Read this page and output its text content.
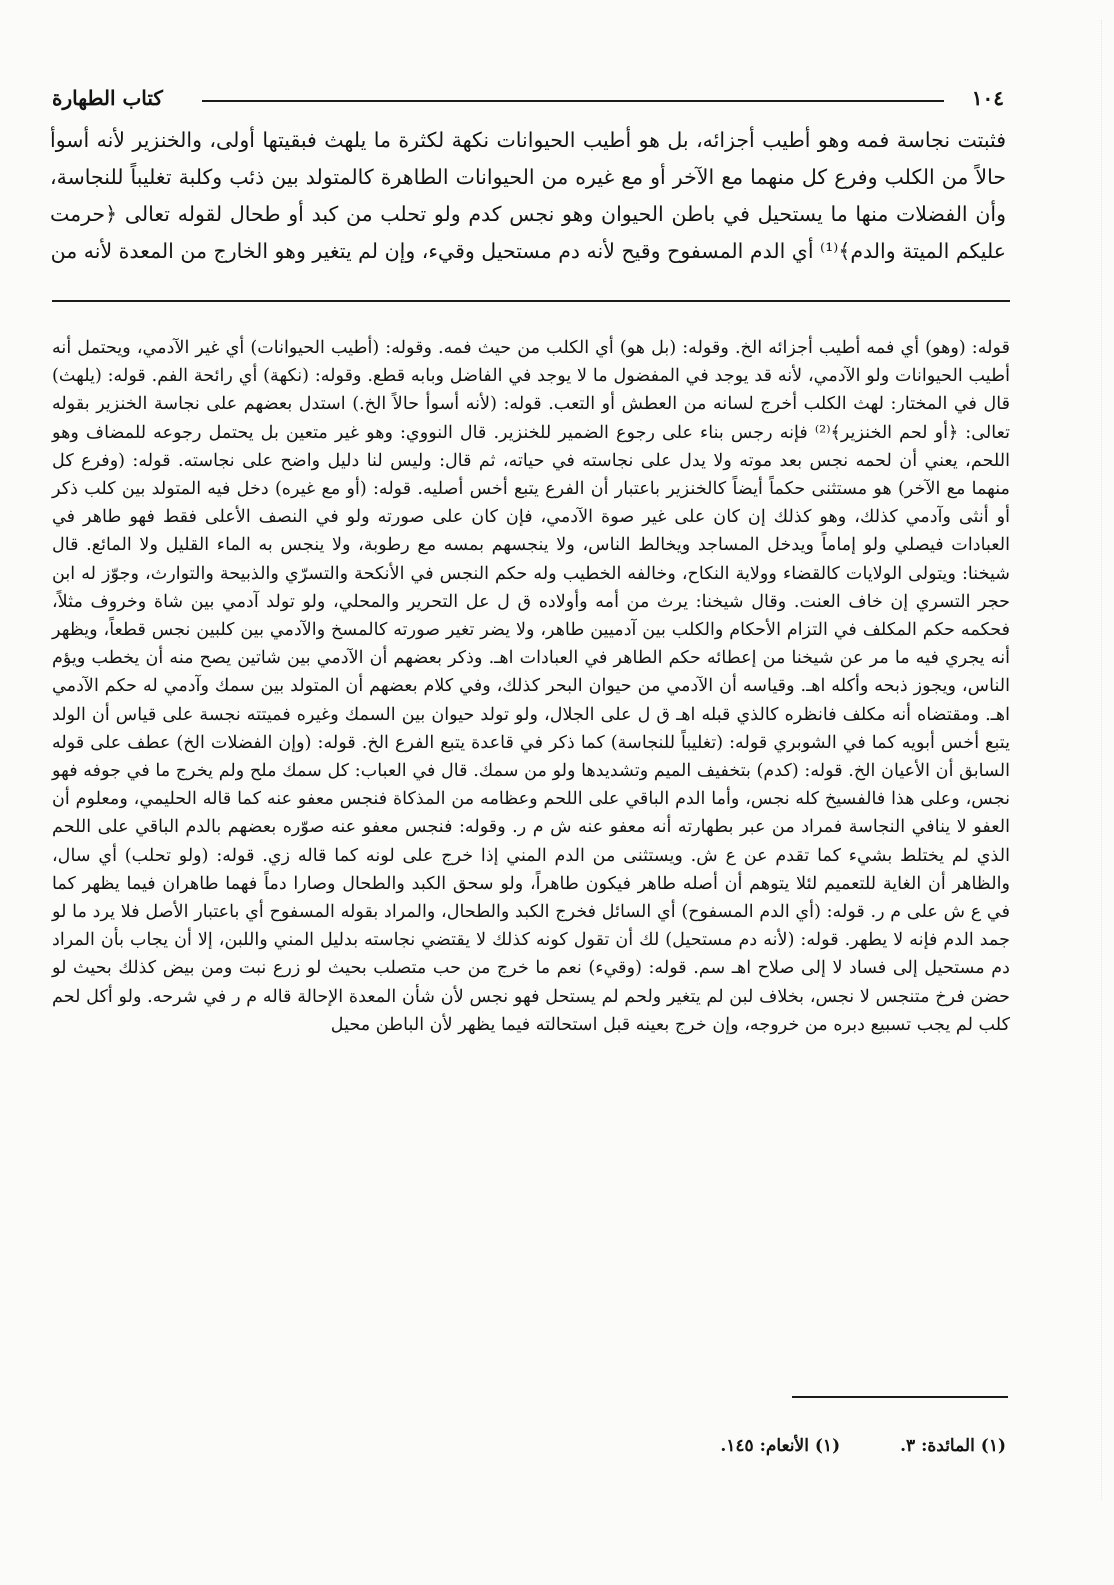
١٠٤
كتاب الطهارة

فثبتت نجاسة فمه وهو أطيب أجزائه، بل هو أطيب الحيوانات نكهة لكثرة ما يلهث فبقيتها أولى، والخنزير لأنه أسوأ حالاً من الكلب وفرع كل منهما مع الآخر أو مع غيره من الحيوانات الطاهرة كالمتولد بين ذئب وكلبة تغليباً للنجاسة، وأن الفضلات منها ما يستحيل في باطن الحيوان وهو نجس كدم ولو تحلب من كبد أو طحال لقوله تعالى ﴿حرمت عليكم الميتة والدم﴾⁽¹⁾ أي الدم المسفوح وقيح لأنه دم مستحيل وقيء، وإن لم يتغير وهو الخارج من المعدة لأنه من

قوله: (وهو) أي فمه أطيب أجزائه الخ. وقوله: (بل هو) أي الكلب من حيث فمه. وقوله: (أطيب الحيوانات) أي غير الآدمي، ويحتمل أنه أطيب الحيوانات ولو الآدمي، لأنه قد يوجد في المفضول ما لا يوجد في الفاضل وبابه قطع. وقوله: (نكهة) أي رائحة الفم. قوله: (يلهث) قال في المختار: لهث الكلب أخرج لسانه من العطش أو التعب. قوله: (لأنه أسوأ حالاً الخ.) استدل بعضهم على نجاسة الخنزير بقوله تعالى: ﴿أو لحم الخنزير﴾⁽²⁾ فإنه رجس بناء على رجوع الضمير للخنزير. قال النووي: وهو غير متعين بل يحتمل رجوعه للمضاف وهو اللحم، يعني أن لحمه نجس بعد موته ولا يدل على نجاسته في حياته، ثم قال: وليس لنا دليل واضح على نجاسته. قوله: (وفرع كل منهما مع الآخر) هو مستثنى حكماً أيضاً كالخنزير باعتبار أن الفرع يتبع أخس أصليه. قوله: (أو مع غيره) دخل فيه المتولد بين كلب ذكر أو أنثى وآدمي كذلك، وهو كذلك إن كان على غير صوة الآدمي، فإن كان على صورته ولو في النصف الأعلى فقط فهو طاهر في العبادات فيصلي ولو إماماً ويدخل المساجد ويخالط الناس، ولا ينجسهم بمسه مع رطوبة، ولا ينجس به الماء القليل ولا المائع. قال شيخنا: ويتولى الولايات كالقضاء وولاية النكاح، وخالفه الخطيب وله حكم النجس في الأنكحة والتسرّي والذبيحة والتوارث، وجوّز له ابن حجر التسري إن خاف العنت. وقال شيخنا: يرث من أمه وأولاده ق ل عل التحرير والمحلي، ولو تولد آدمي بين شاة وخروف مثلاً، فحكمه حكم المكلف في التزام الأحكام والكلب بين آدميين طاهر، ولا يضر تغير صورته كالمسخ والآدمي بين كلبين نجس قطعاً، ويظهر أنه يجري فيه ما مر عن شيخنا من إعطائه حكم الطاهر في العبادات اهـ. وذكر بعضهم أن الآدمي بين شاتين يصح منه أن يخطب ويؤم الناس، ويجوز ذبحه وأكله اهـ. وقياسه أن الآدمي من حيوان البحر كذلك، وفي كلام بعضهم أن المتولد بين سمك وآدمي له حكم الآدمي اهـ. ومقتضاه أنه مكلف فانظره كالذي قبله اهـ ق ل على الجلال، ولو تولد حيوان بين السمك وغيره فميتته نجسة على قياس أن الولد يتبع أخس أبويه كما في الشوبري قوله: (تغليباً للنجاسة) كما ذكر في قاعدة يتبع الفرع الخ. قوله: (وإن الفضلات الخ) عطف على قوله السابق أن الأعيان الخ. قوله: (كدم) بتخفيف الميم وتشديدها ولو من سمك. قال في العباب: كل سمك ملح ولم يخرج ما في جوفه فهو نجس، وعلى هذا فالفسيخ كله نجس، وأما الدم الباقي على اللحم وعظامه من المذكاة فنجس معفو عنه كما قاله الحليمي، ومعلوم أن العفو لا ينافي النجاسة فمراد من عبر بطهارته أنه معفو عنه ش م ر. وقوله: فنجس معفو عنه صوّره بعضهم بالدم الباقي على اللحم الذي لم يختلط بشيء كما تقدم عن ع ش. ويستثنى من الدم المني إذا خرج على لونه كما قاله زي. قوله: (ولو تحلب) أي سال، والظاهر أن الغاية للتعميم لئلا يتوهم أن أصله طاهر فيكون طاهراً، ولو سحق الكبد والطحال وصارا دماً فهما طاهران فيما يظهر كما في ع ش على م ر. قوله: (أي الدم المسفوح) أي السائل فخرج الكبد والطحال، والمراد بقوله المسفوح أي باعتبار الأصل فلا يرد ما لو جمد الدم فإنه لا يطهر. قوله: (لأنه دم مستحيل) لك أن تقول كونه كذلك لا يقتضي نجاسته بدليل المني واللبن، إلا أن يجاب بأن المراد دم مستحيل إلى فساد لا إلى صلاح اهـ سم. قوله: (وقيء) نعم ما خرج من حب متصلب بحيث لو زرع نبت ومن بيض كذلك بحيث لو حضن فرخ متنجس لا نجس، بخلاف لبن لم يتغير ولحم لم يستحل فهو نجس لأن شأن المعدة الإحالة قاله م ر في شرحه. ولو أكل لحم كلب لم يجب تسبيع دبره من خروجه، وإن خرج بعينه قبل استحالته فيما يظهر لأن الباطن محيل

(١) المائدة: ٣.
(١) الأنعام: ١٤٥.
